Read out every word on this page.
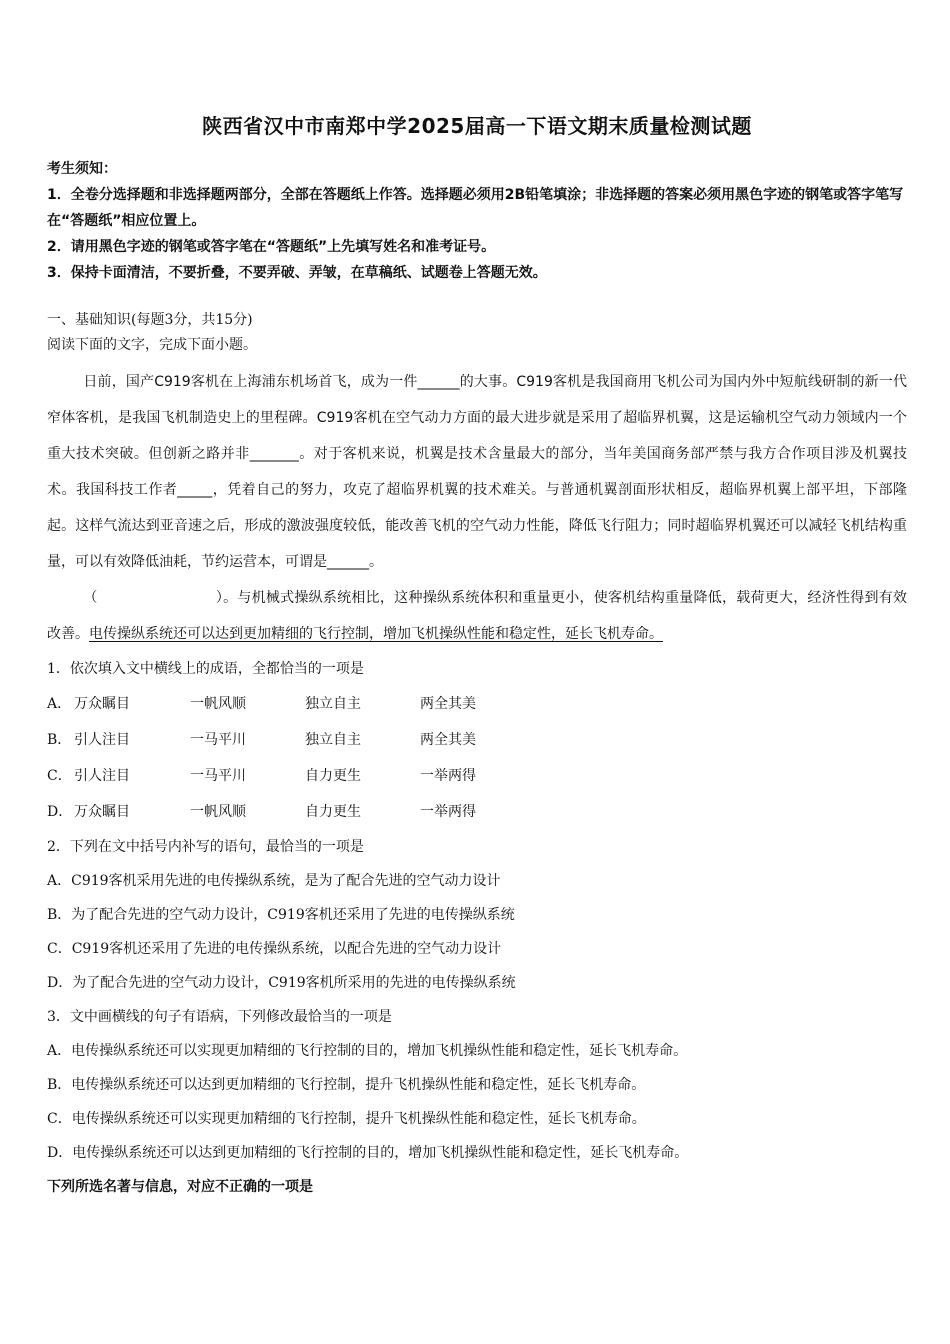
陕西省汉中市南郑中学2025届高一下语文期末质量检测试题
考生须知：
1．全卷分选择题和非选择题两部分，全部在答题纸上作答。选择题必须用2B铅笔填涂；非选择题的答案必须用黑色字迹的钢笔或答字笔写在“答题纸”相应位置上。
2．请用黑色字迹的钢笔或答字笔在“答题纸”上先填写姓名和准考证号。
3．保持卡面清洁，不要折叠，不要弄破、弄皱，在草稿纸、试题卷上答题无效。
一、基础知识(每题3分，共15分)
阅读下面的文字，完成下面小题。
日前，国产C919客机在上海浦东机场首飞，成为一件______的大事。C919客机是我国商用飞机公司为国内外中短航线研制的新一代窄体客机，是我国飞机制造史上的里程碑。C919客机在空气动力方面的最大进步就是采用了超临界机翼，这是运输机空气动力领域内一个重大技术突破。但创新之路并非_______。对于客机来说，机翼是技术含量最大的部分，当年美国商务部严禁与我方合作项目涉及机翼技术。我国科技工作者_____，凭着自己的努力，攻克了超临界机翼的技术难关。与普通机翼剖面形状相反，超临界机翼上部平坦，下部隆起。这样气流达到亚音速之后，形成的激波强度较低，能改善飞机的空气动力性能，降低飞行阻力；同时超临界机翼还可以减轻飞机结构重量，可以有效降低油耗，节约运营本，可谓是______。
（	）。与机械式操纵系统相比，这种操纵系统体积和重量更小，使客机结构重量降低，载荷更大，经济性得到有效改善。电传操纵系统还可以达到更加精细的飞行控制，增加飞机操纵性能和稳定性，延长飞机寿命。
1．依次填入文中横线上的成语，全都恰当的一项是
A． 万众瞩目	一帆风顺	独立自主	两全其美
B． 引人注目	一马平川	独立自主	两全其美
C． 引人注目	一马平川	自力更生	一举两得
D． 万众瞩目	一帆风顺	自力更生	一举两得
2．下列在文中括号内补写的语句，最恰当的一项是
A．C919客机采用先进的电传操纵系统，是为了配合先进的空气动力设计
B．为了配合先进的空气动力设计，C919客机还采用了先进的电传操纵系统
C．C919客机还采用了先进的电传操纵系统，以配合先进的空气动力设计
D．为了配合先进的空气动力设计，C919客机所采用的先进的电传操纵系统
3．文中画横线的句子有语病，下列修改最恰当的一项是
A．电传操纵系统还可以实现更加精细的飞行控制的目的，增加飞机操纵性能和稳定性，延长飞机寿命。
B．电传操纵系统还可以达到更加精细的飞行控制，提升飞机操纵性能和稳定性，延长飞机寿命。
C．电传操纵系统还可以实现更加精细的飞行控制，提升飞机操纵性能和稳定性，延长飞机寿命。
D．电传操纵系统还可以达到更加精细的飞行控制的目的，增加飞机操纵性能和稳定性，延长飞机寿命。
下列所选名著与信息，对应不正确的一项是
